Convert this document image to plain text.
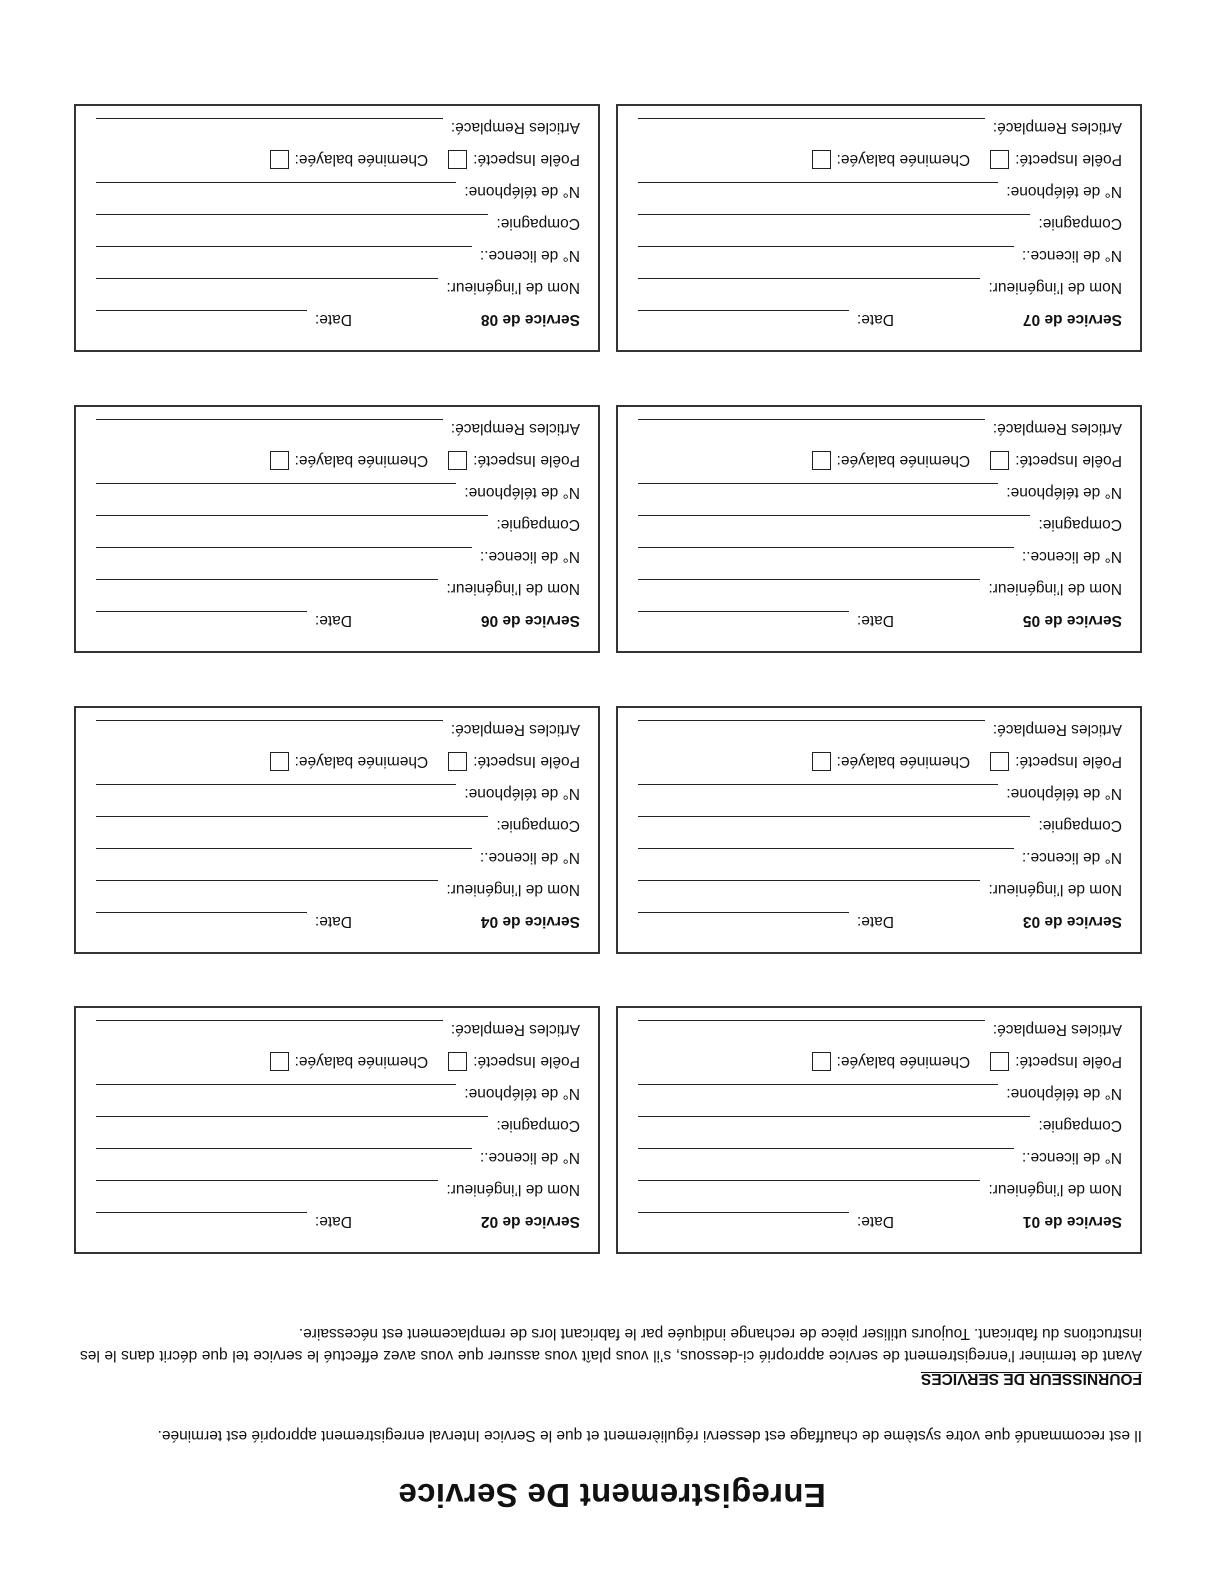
Enregistrement De Service
Il est recommandé que votre système de chauffage est desservi régulièrement et que le Service Interval enregistrement approprié est terminée.
FOURNISSEUR DE SERVICES
Avant de terminer l’enregistrement de service approprié ci-dessous, s’il vous plaît vous assurer que vous avez effectué le service tel que décrit dans le les instructions du fabricant. Toujours utiliser pièce de rechange indiquée par le fabricant lors de remplacement est nécessaire.
Service de 01
Date:
Nom de l’ingénieur:
N° de licence.:
Compagnie:
N° de téléphone:
Poêle Inspecté:
Cheminée balayée:
Articles Remplacé:
Service de 02
Date:
Nom de l’ingénieur:
N° de licence.:
Compagnie:
N° de téléphone:
Poêle Inspecté:
Cheminée balayée:
Articles Remplacé:
Service de 03
Date:
Nom de l’ingénieur:
N° de licence.:
Compagnie:
N° de téléphone:
Poêle Inspecté:
Cheminée balayée:
Articles Remplacé:
Service de 04
Date:
Nom de l’ingénieur:
N° de licence.:
Compagnie:
N° de téléphone:
Poêle Inspecté:
Cheminée balayée:
Articles Remplacé:
Service de 05
Date:
Nom de l’ingénieur:
N° de licence.:
Compagnie:
N° de téléphone:
Poêle Inspecté:
Cheminée balayée:
Articles Remplacé:
Service de 06
Date:
Nom de l’ingénieur:
N° de licence.:
Compagnie:
N° de téléphone:
Poêle Inspecté:
Cheminée balayée:
Articles Remplacé:
Service de 07
Date:
Nom de l’ingénieur:
N° de licence.:
Compagnie:
N° de téléphone:
Poêle Inspecté:
Cheminée balayée:
Articles Remplacé:
Service de 08
Date:
Nom de l’ingénieur:
N° de licence.:
Compagnie:
N° de téléphone:
Poêle Inspecté:
Cheminée balayée:
Articles Remplacé:
